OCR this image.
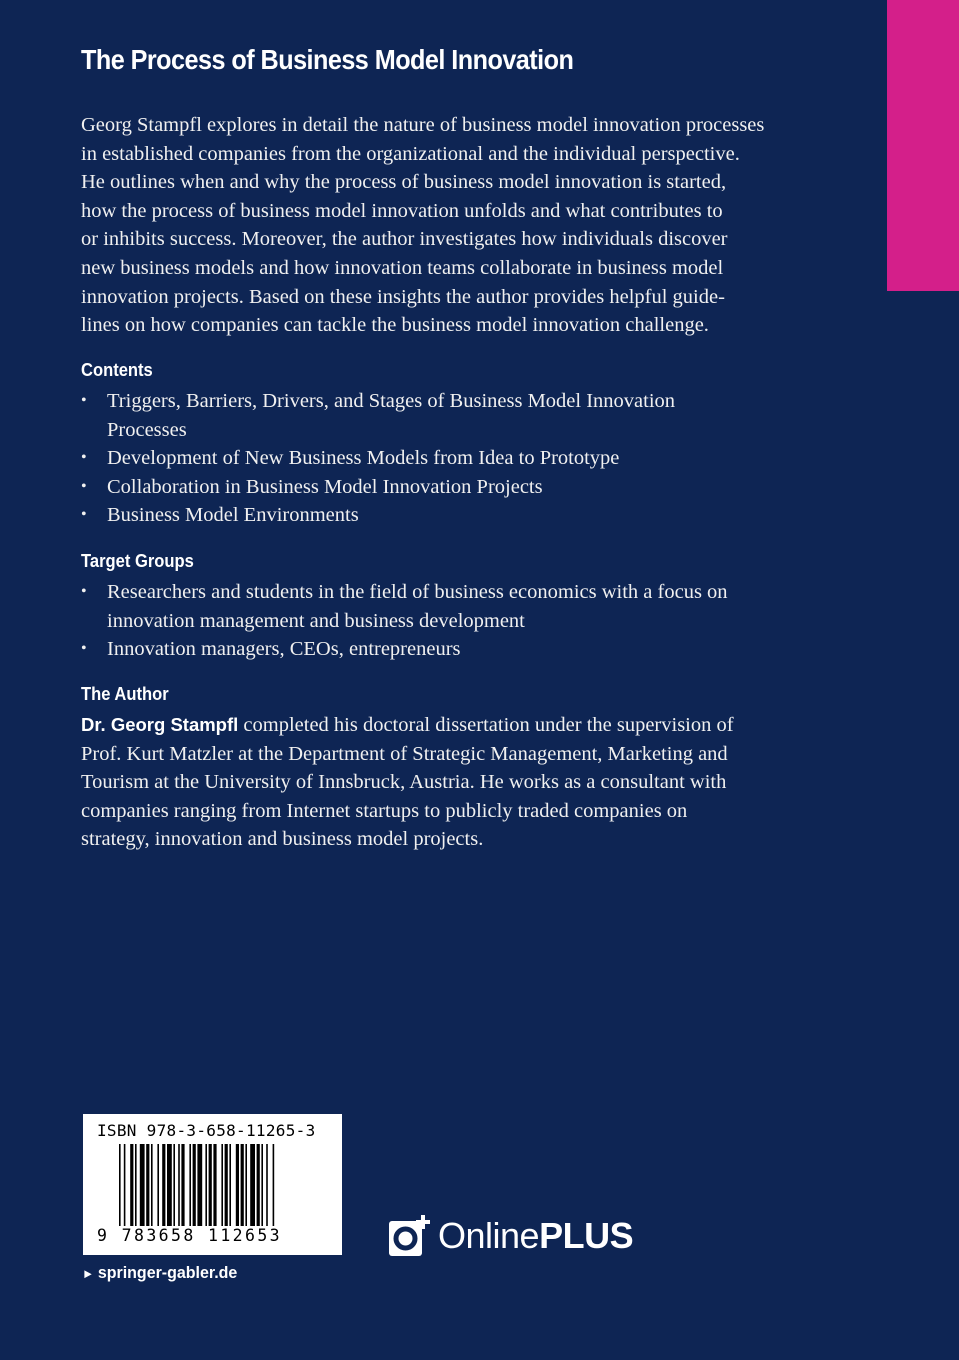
The Process of Business Model Innovation
Georg Stampfl explores in detail the nature of business model innovation processes
in established companies from the organizational and the individual perspective.
He outlines when and why the process of business model innovation is started,
how the process of business model innovation unfolds and what contributes to
or inhibits success. Moreover, the author investigates how individuals discover
new business models and how innovation teams collaborate in business model
innovation projects. Based on these insights the author provides helpful guide-
lines on how companies can tackle the business model innovation challenge.
Contents
• Triggers, Barriers, Drivers, and Stages of Business Model Innovation Processes
• Development of New Business Models from Idea to Prototype
• Collaboration in Business Model Innovation Projects
• Business Model Environments
Target Groups
• Researchers and students in the field of business economics with a focus on innovation management and business development
• Innovation managers, CEOs, entrepreneurs
The Author
Dr. Georg Stampfl completed his doctoral dissertation under the supervision of
Prof. Kurt Matzler at the Department of Strategic Management, Marketing and
Tourism at the University of Innsbruck, Austria. He works as a consultant with
companies ranging from Internet startups to publicly traded companies on
strategy, innovation and business model projects.
ISBN 978-3-658-11265-3
9 783658 112653
► springer-gabler.de
OnlinePLUS
